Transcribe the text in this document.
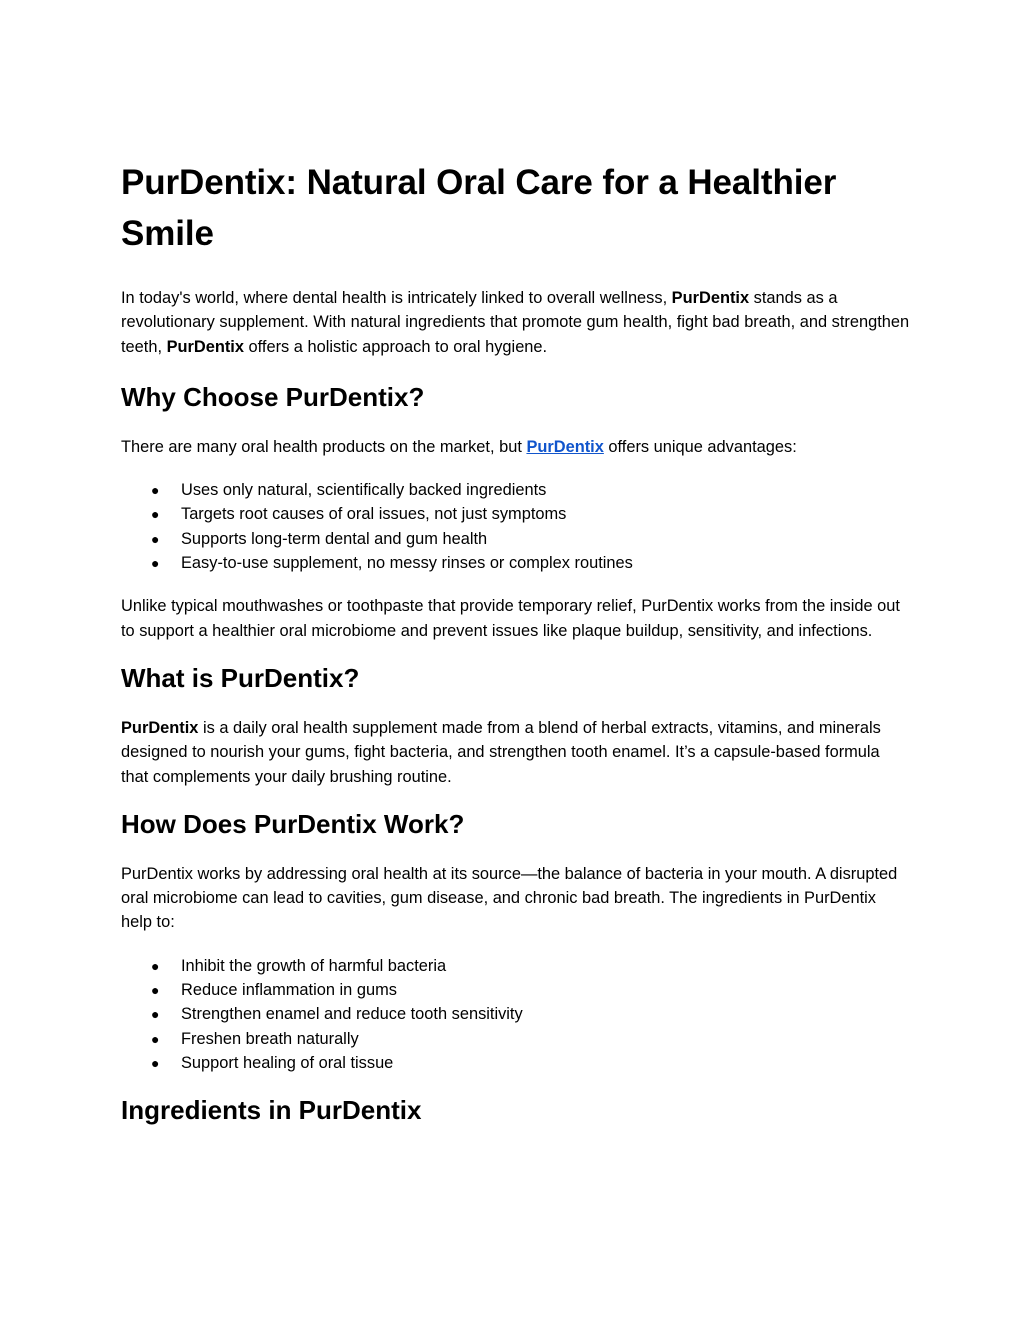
PurDentix: Natural Oral Care for a Healthier Smile

In today's world, where dental health is intricately linked to overall wellness, PurDentix stands as a revolutionary supplement. With natural ingredients that promote gum health, fight bad breath, and strengthen teeth, PurDentix offers a holistic approach to oral hygiene.

Why Choose PurDentix?

There are many oral health products on the market, but PurDentix offers unique advantages:

● Uses only natural, scientifically backed ingredients
● Targets root causes of oral issues, not just symptoms
● Supports long-term dental and gum health
● Easy-to-use supplement, no messy rinses or complex routines

Unlike typical mouthwashes or toothpaste that provide temporary relief, PurDentix works from the inside out to support a healthier oral microbiome and prevent issues like plaque buildup, sensitivity, and infections.

What is PurDentix?

PurDentix is a daily oral health supplement made from a blend of herbal extracts, vitamins, and minerals designed to nourish your gums, fight bacteria, and strengthen tooth enamel. It’s a capsule-based formula that complements your daily brushing routine.

How Does PurDentix Work?

PurDentix works by addressing oral health at its source—the balance of bacteria in your mouth. A disrupted oral microbiome can lead to cavities, gum disease, and chronic bad breath. The ingredients in PurDentix help to:

● Inhibit the growth of harmful bacteria
● Reduce inflammation in gums
● Strengthen enamel and reduce tooth sensitivity
● Freshen breath naturally
● Support healing of oral tissue
Ingredients in PurDentix
